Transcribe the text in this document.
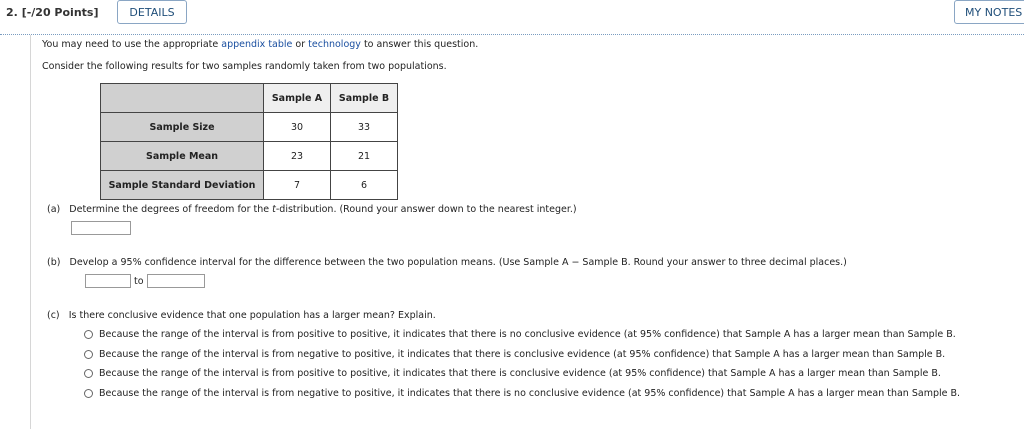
2. [-/20 Points]	DETAILS	MY NOTES
You may need to use the appropriate appendix table or technology to answer this question.
Consider the following results for two samples randomly taken from two populations.
	Sample A	Sample B
Sample Size	30	33
Sample Mean	23	21
Sample Standard Deviation	7	6
(a) Determine the degrees of freedom for the t-distribution. (Round your answer down to the nearest integer.)
(b) Develop a 95% confidence interval for the difference between the two population means. (Use Sample A − Sample B. Round your answer to three decimal places.)
to
(c) Is there conclusive evidence that one population has a larger mean? Explain.
Because the range of the interval is from positive to positive, it indicates that there is no conclusive evidence (at 95% confidence) that Sample A has a larger mean than Sample B.
Because the range of the interval is from negative to positive, it indicates that there is conclusive evidence (at 95% confidence) that Sample A has a larger mean than Sample B.
Because the range of the interval is from positive to positive, it indicates that there is conclusive evidence (at 95% confidence) that Sample A has a larger mean than Sample B.
Because the range of the interval is from negative to positive, it indicates that there is no conclusive evidence (at 95% confidence) that Sample A has a larger mean than Sample B.
